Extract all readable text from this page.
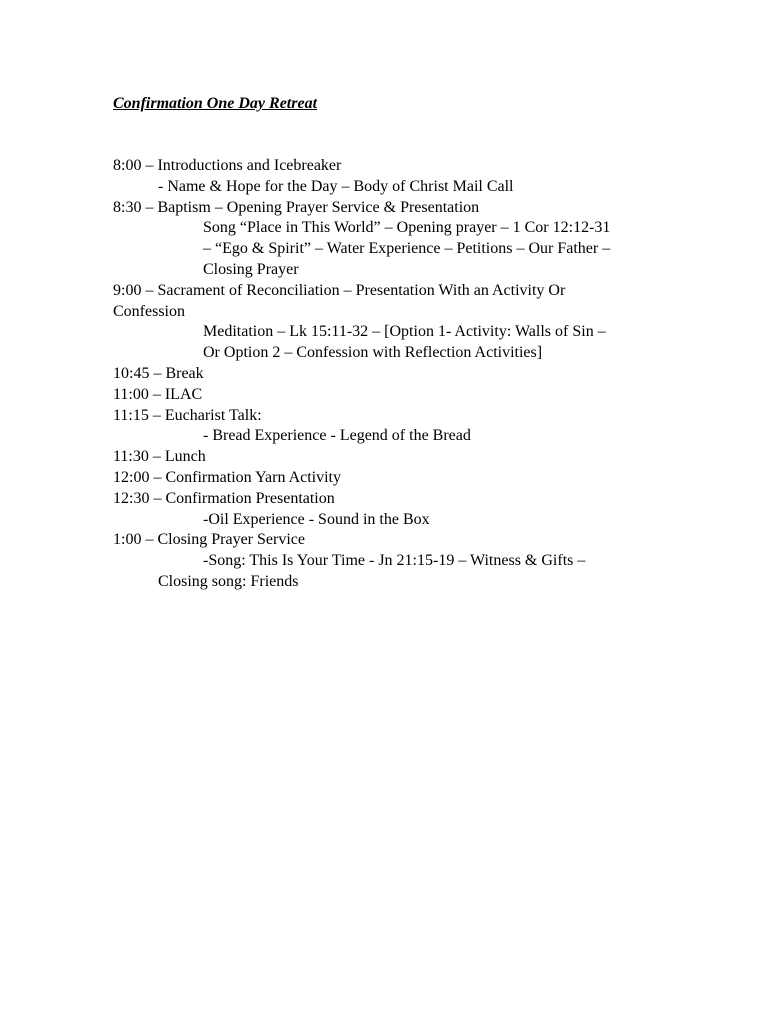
Confirmation One Day Retreat
8:00 – Introductions and Icebreaker
- Name & Hope for the Day – Body of Christ Mail Call
8:30 – Baptism – Opening Prayer Service & Presentation
Song “Place in This World” – Opening prayer – 1 Cor 12:12-31
– “Ego & Spirit” – Water Experience – Petitions – Our Father –
Closing Prayer
9:00 – Sacrament of Reconciliation – Presentation With an Activity Or
Confession
Meditation – Lk 15:11-32 – [Option 1- Activity: Walls of Sin –
Or Option 2 – Confession with Reflection Activities]
10:45 – Break
11:00 – ILAC
11:15 – Eucharist Talk:
- Bread Experience - Legend of the Bread
11:30 – Lunch
12:00 – Confirmation Yarn Activity
12:30 – Confirmation Presentation
-Oil Experience - Sound in the Box
1:00 – Closing Prayer Service
-Song: This Is Your Time - Jn 21:15-19 – Witness & Gifts –
Closing song: Friends
